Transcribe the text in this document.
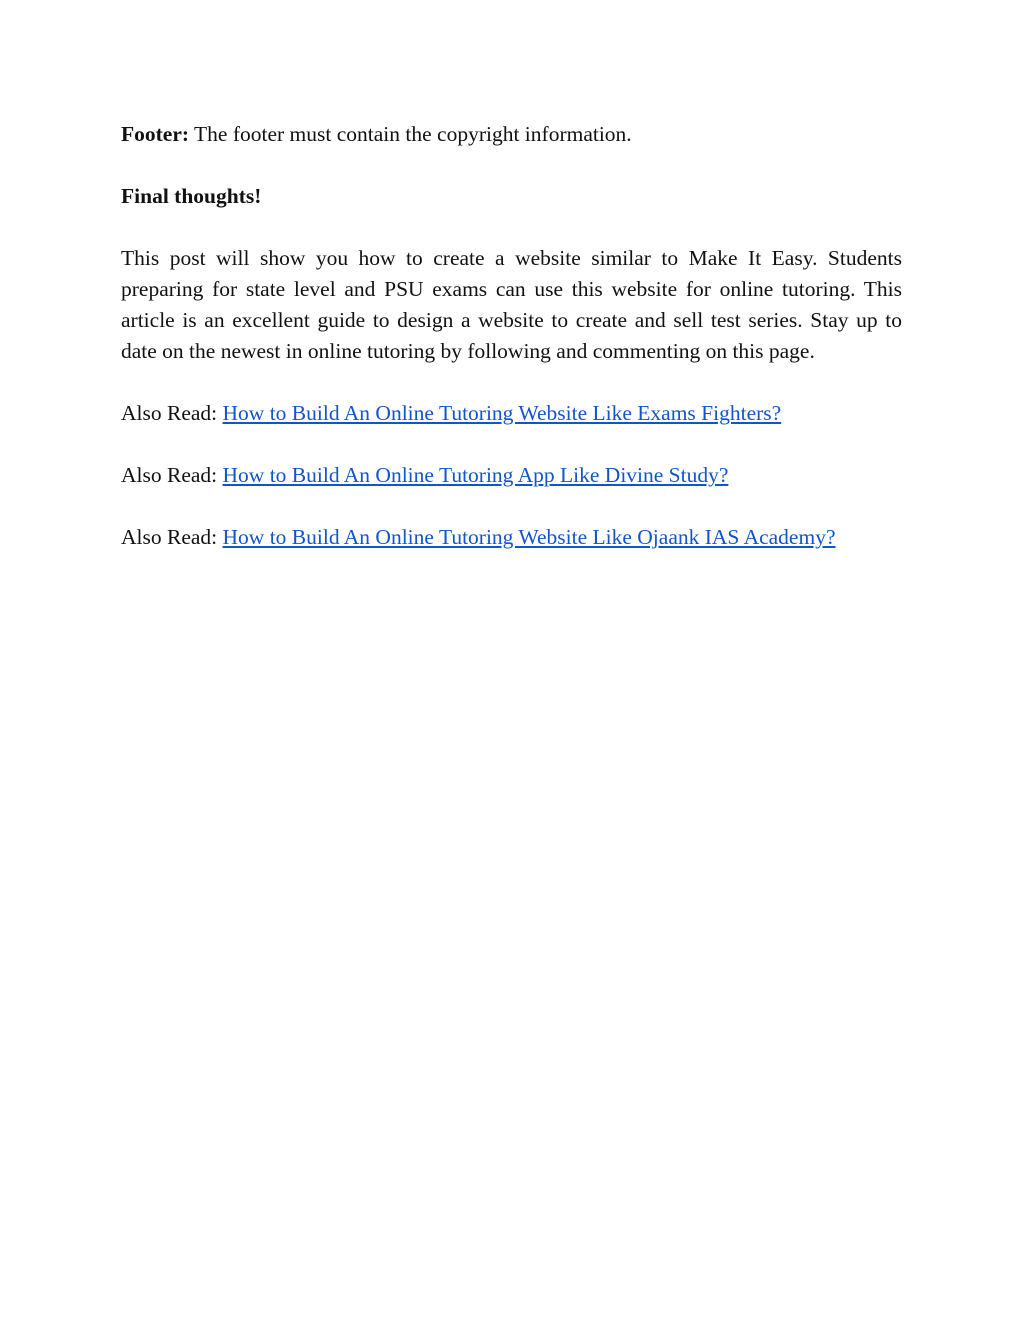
Footer: The footer must contain the copyright information.

Final thoughts!

This post will show you how to create a website similar to Make It Easy. Students preparing for state level and PSU exams can use this website for online tutoring. This article is an excellent guide to design a website to create and sell test series. Stay up to date on the newest in online tutoring by following and commenting on this page.

Also Read: How to Build An Online Tutoring Website Like Exams Fighters?

Also Read: How to Build An Online Tutoring App Like Divine Study?

Also Read: How to Build An Online Tutoring Website Like Ojaank IAS Academy?
